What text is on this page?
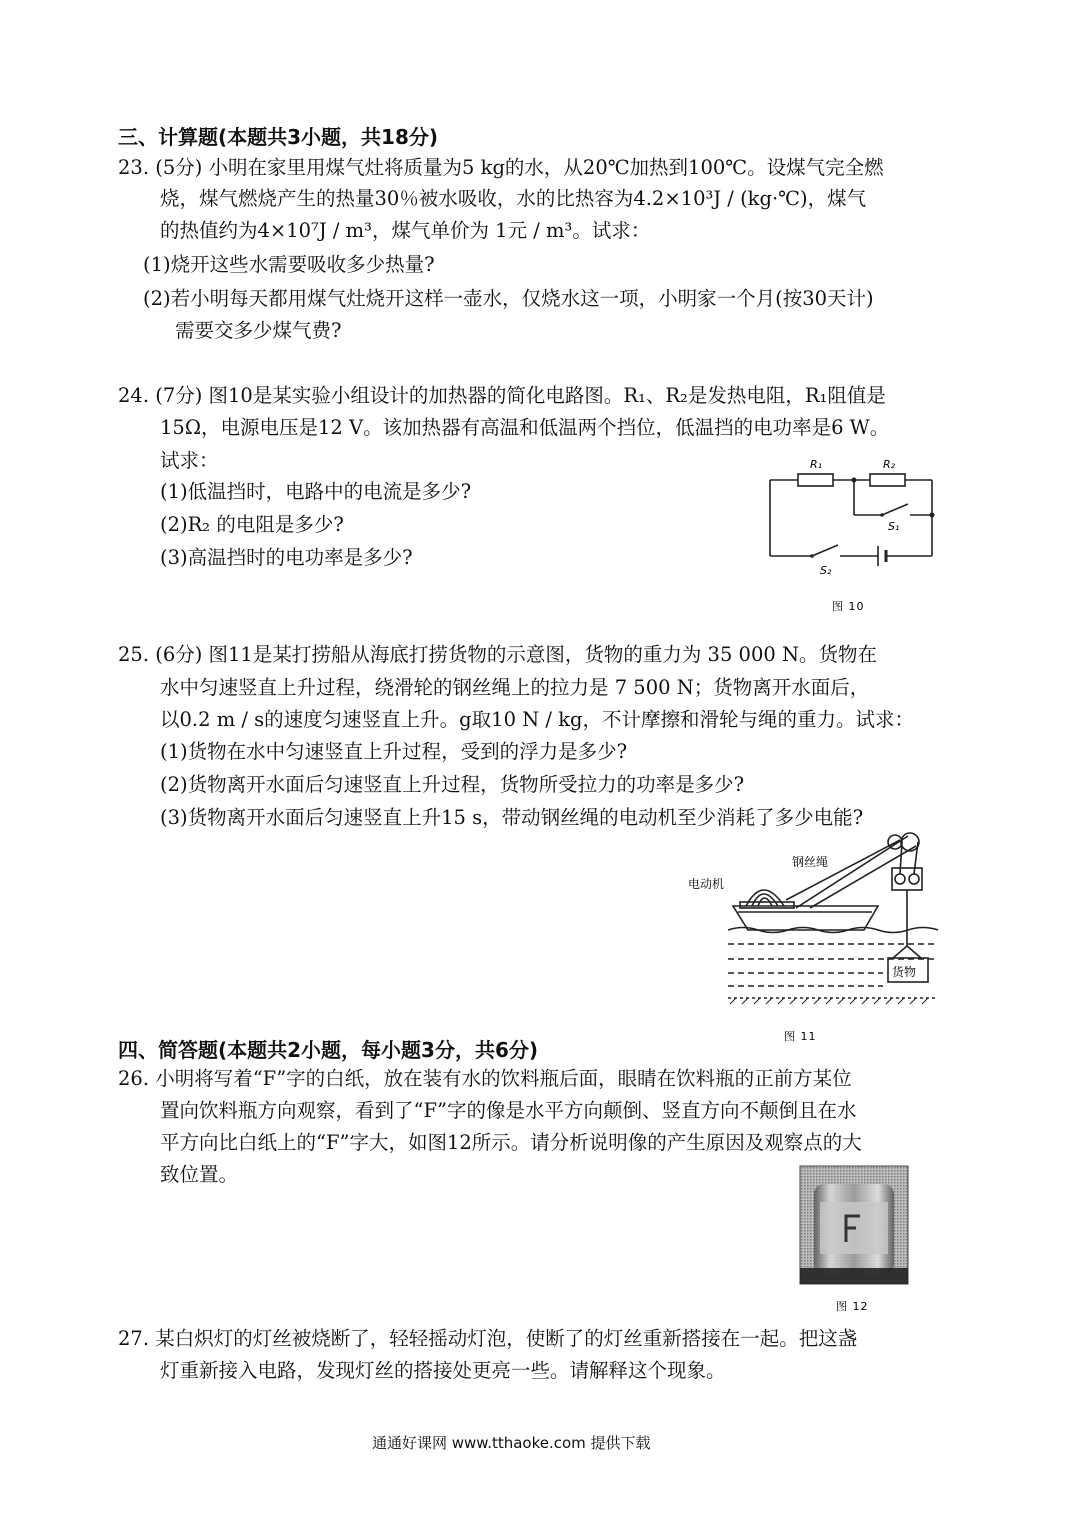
三、计算题(本题共3小题，共18分)
23. (5分) 小明在家里用煤气灶将质量为5 kg的水，从20℃加热到100℃。设煤气完全燃
烧，煤气燃烧产生的热量30％被水吸收，水的比热容为4.2×10³J / (kg·℃)，煤气
的热值约为4×10⁷J / m³，煤气单价为 1元 / m³。试求：
(1)烧开这些水需要吸收多少热量?
(2)若小明每天都用煤气灶烧开这样一壶水，仅烧水这一项，小明家一个月(按30天计)
需要交多少煤气费?
24. (7分) 图10是某实验小组设计的加热器的简化电路图。R₁、R₂是发热电阻，R₁阻值是
15Ω，电源电压是12 V。该加热器有高温和低温两个挡位，低温挡的电功率是6 W。
试求：
(1)低温挡时，电路中的电流是多少?
(2)R₂ 的电阻是多少?
(3)高温挡时的电功率是多少?
R₁	R₂
S₁
S₂
图 10
25. (6分) 图11是某打捞船从海底打捞货物的示意图，货物的重力为 35 000 N。货物在
水中匀速竖直上升过程，绕滑轮的钢丝绳上的拉力是 7 500 N；货物离开水面后，
以0.2 m / s的速度匀速竖直上升。g取10 N / kg，不计摩擦和滑轮与绳的重力。试求：
(1)货物在水中匀速竖直上升过程，受到的浮力是多少?
(2)货物离开水面后匀速竖直上升过程，货物所受拉力的功率是多少?
(3)货物离开水面后匀速竖直上升15 s，带动钢丝绳的电动机至少消耗了多少电能?
电动机
钢丝绳
货物
图 11
四、简答题(本题共2小题，每小题3分，共6分)
26. 小明将写着“F”字的白纸，放在装有水的饮料瓶后面，眼睛在饮料瓶的正前方某位
置向饮料瓶方向观察，看到了“F”字的像是水平方向颠倒、竖直方向不颠倒且在水
平方向比白纸上的“F”字大，如图12所示。请分析说明像的产生原因及观察点的大
致位置。
图 12
27. 某白炽灯的灯丝被烧断了，轻轻摇动灯泡，使断了的灯丝重新搭接在一起。把这盏
灯重新接入电路，发现灯丝的搭接处更亮一些。请解释这个现象。
通通好课网 www.tthaoke.com 提供下载
